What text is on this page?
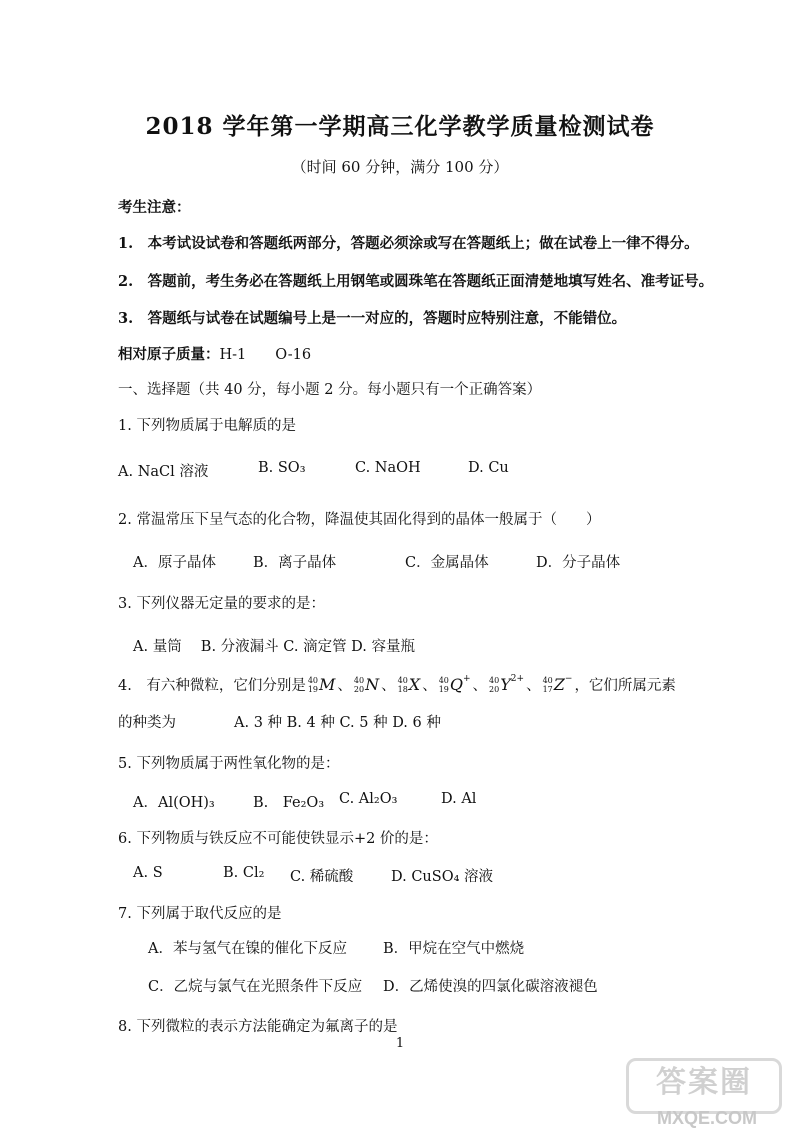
2018 学年第一学期高三化学教学质量检测试卷
（时间 60 分钟，满分 100 分）
考生注意：
1.　本考试设试卷和答题纸两部分，答题必须涂或写在答题纸上；做在试卷上一律不得分。
2.　答题前，考生务必在答题纸上用钢笔或圆珠笔在答题纸正面清楚地填写姓名、准考证号。
3.　答题纸与试卷在试题编号上是一一对应的，答题时应特别注意，不能错位。
相对原子质量：H-1　　O-16
一、选择题（共 40 分，每小题 2 分。每小题只有一个正确答案）
1. 下列物质属于电解质的是
A. NaCl 溶液	B. SO₃	C. NaOH	D. Cu
2. 常温常压下呈气态的化合物，降温使其固化得到的晶体一般属于（　　）
A．原子晶体	B．离子晶体	C．金属晶体	D．分子晶体
3. 下列仪器无定量的要求的是：
A. 量筒　 B. 分液漏斗 C. 滴定管 D. 容量瓶
4.　有六种微粒，它们分别是 40
19 M 、 40
20 N 、 40
18 X 、 40
19 Q + 、 40
20 Y 2+ 、 40
17 Z − ，它们所属元素
的种类为　　　　A. 3 种 B. 4 种 C. 5 种 D. 6 种
5. 下列物质属于两性氧化物的是：
A．Al(OH)₃	B.　Fe₂O₃ C. Al₂O₃	D. Al
6. 下列物质与铁反应不可能使铁显示+2 价的是：
A. S	B. Cl₂ C. 稀硫酸	D. CuSO₄ 溶液
7. 下列属于取代反应的是
A．苯与氢气在镍的催化下反应 B．甲烷在空气中燃烧
C．乙烷与氯气在光照条件下反应 D．乙烯使溴的四氯化碳溶液褪色
8. 下列微粒的表示方法能确定为氟离子的是
1
答案圈
MXQE.COM
